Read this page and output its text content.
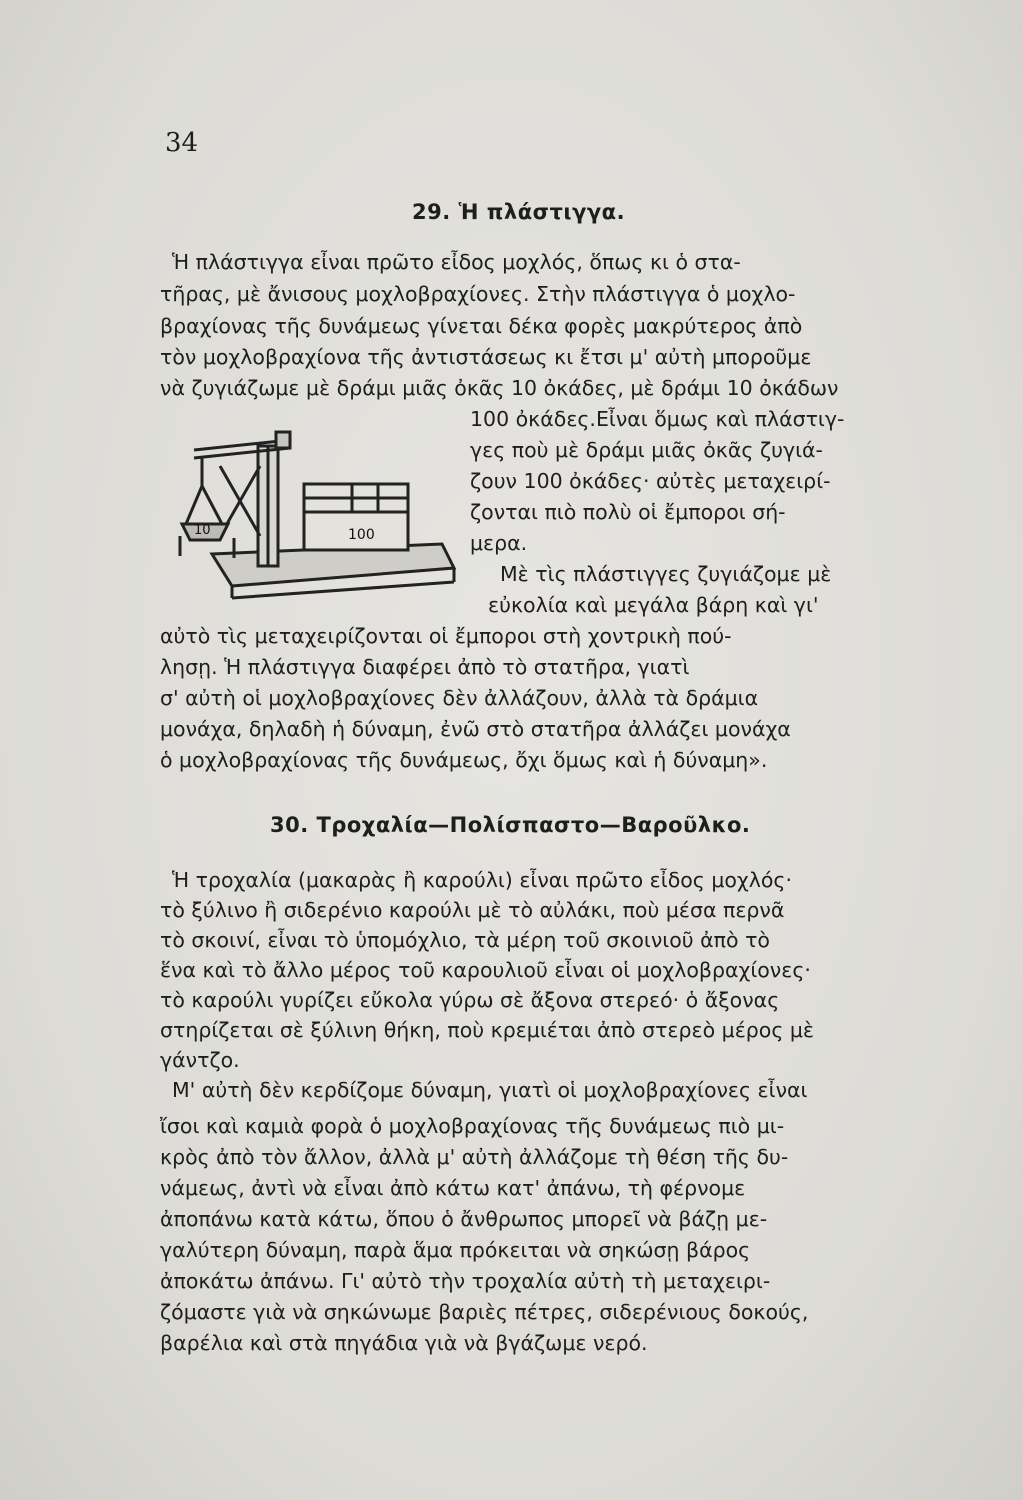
34
29. Ἡ πλάστιγγα.
Ἡ πλάστιγγα εἶναι πρῶτο εἶδος μοχλός, ὅπως κι ὁ στα-
τῆρας, μὲ ἄνισους μοχλοβραχίονες. Στὴν πλάστιγγα ὁ μοχλο-
βραχίονας τῆς δυνάμεως γίνεται δέκα φορὲς μακρύτερος ἀπὸ
τὸν μοχλοβραχίονα τῆς ἀντιστάσεως κι ἔτσι μ' αὐτὴ μποροῦμε
νὰ ζυγιάζωμε μὲ δράμι μιᾶς ὀκᾶς 10 ὀκάδες, μὲ δράμι 10 ὀκάδων
100 ὀκάδες.Εἶναι ὅμως καὶ πλάστιγ-
γες ποὺ μὲ δράμι μιᾶς ὀκᾶς ζυγιά-
ζουν 100 ὀκάδες· αὐτὲς μεταχειρί-
ζονται πιὸ πολὺ οἱ ἔμποροι σή-
μερα.
Μὲ τὶς πλάστιγγες ζυγιάζομε μὲ
εὐκολία καὶ μεγάλα βάρη καὶ γι'
αὐτὸ τὶς μεταχειρίζονται οἱ ἔμποροι στὴ χοντρικὴ πού-
λησῃ. Ἡ πλάστιγγα διαφέρει ἀπὸ τὸ στατῆρα, γιατὶ
σ' αὐτὴ οἱ μοχλοβραχίονες δὲν ἀλλάζουν, ἀλλὰ τὰ δράμια
μονάχα, δηλαδὴ ἡ δύναμη, ἐνῶ στὸ στατῆρα ἀλλάζει μονάχα
ὁ μοχλοβραχίονας τῆς δυνάμεως, ὄχι ὅμως καὶ ἡ δύναμη».
10	100
30. Τροχαλία—Πολίσπαστο—Βαροῦλκο.
Ἡ τροχαλία (μακαρὰς ἢ καρούλι) εἶναι πρῶτο εἶδος μοχλός·
τὸ ξύλινο ἢ σιδερένιο καρούλι μὲ τὸ αὐλάκι, ποὺ μέσα περνᾶ
τὸ σκοινί, εἶναι τὸ ὑπομόχλιο, τὰ μέρη τοῦ σκοινιοῦ ἀπὸ τὸ
ἕνα καὶ τὸ ἄλλο μέρος τοῦ καρουλιοῦ εἶναι οἱ μοχλοβραχίονες·
τὸ καρούλι γυρίζει εὔκολα γύρω σὲ ἄξονα στερεό· ὁ ἄξονας
στηρίζεται σὲ ξύλινη θήκη, ποὺ κρεμιέται ἀπὸ στερεὸ μέρος μὲ
γάντζο.
Μ' αὐτὴ δὲν κερδίζομε δύναμη, γιατὶ οἱ μοχλοβραχίονες εἶναι
ἴσοι καὶ καμιὰ φορὰ ὁ μοχλοβραχίονας τῆς δυνάμεως πιὸ μι-
κρὸς ἀπὸ τὸν ἄλλον, ἀλλὰ μ' αὐτὴ ἀλλάζομε τὴ θέση τῆς δυ-
νάμεως, ἀντὶ νὰ εἶναι ἀπὸ κάτω κατ' ἀπάνω, τὴ φέρνομε
ἀποπάνω κατὰ κάτω, ὅπου ὁ ἄνθρωπος μπορεῖ νὰ βάζῃ με-
γαλύτερη δύναμη, παρὰ ἅμα πρόκειται νὰ σηκώσῃ βάρος
ἀποκάτω ἀπάνω. Γι' αὐτὸ τὴν τροχαλία αὐτὴ τὴ μεταχειρι-
ζόμαστε γιὰ νὰ σηκώνωμε βαριὲς πέτρες, σιδερένιους δοκούς,
βαρέλια καὶ στὰ πηγάδια γιὰ νὰ βγάζωμε νερό.
